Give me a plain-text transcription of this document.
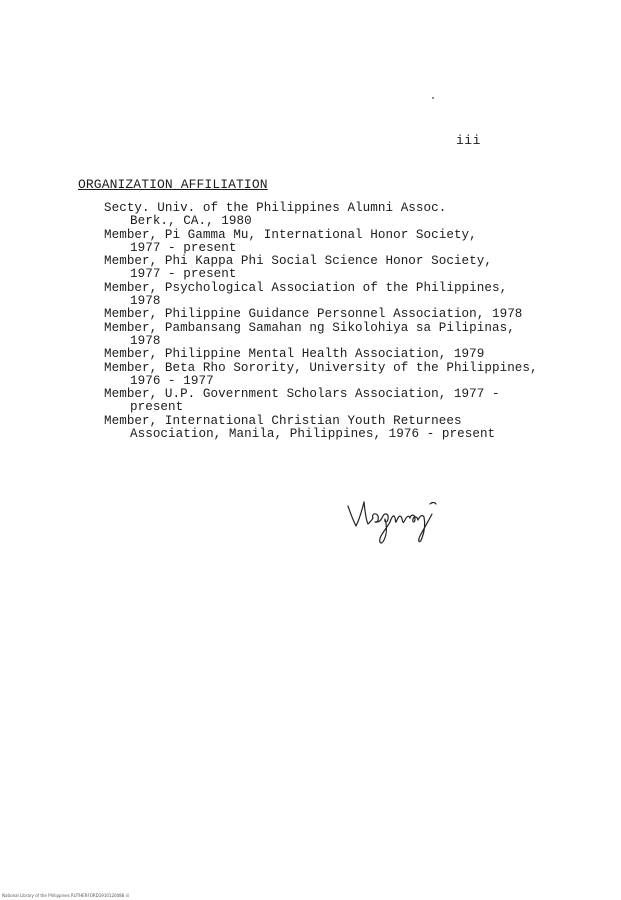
iii
ORGANIZATION AFFILIATION
Secty. Univ. of the Philippines Alumni Assoc.
Berk., CA., 1980
Member, Pi Gamma Mu, International Honor Society,
1977 - present
Member, Phi Kappa Phi Social Science Honor Society,
1977 - present
Member, Psychological Association of the Philippines,
1978
Member, Philippine Guidance Personnel Association, 1978
Member, Pambansang Samahan ng Sikolohiya sa Pilipinas,
1978
Member, Philippine Mental Health Association, 1979
Member, Beta Rho Sorority, University of the Philippines,
1976 - 1977
Member, U.P. Government Scholars Association, 1977 -
present
Member, International Christian Youth Returnees
Association, Manila, Philippines, 1976 - present
National Library of the Philippines RUTHERFORD1910120088 iii
